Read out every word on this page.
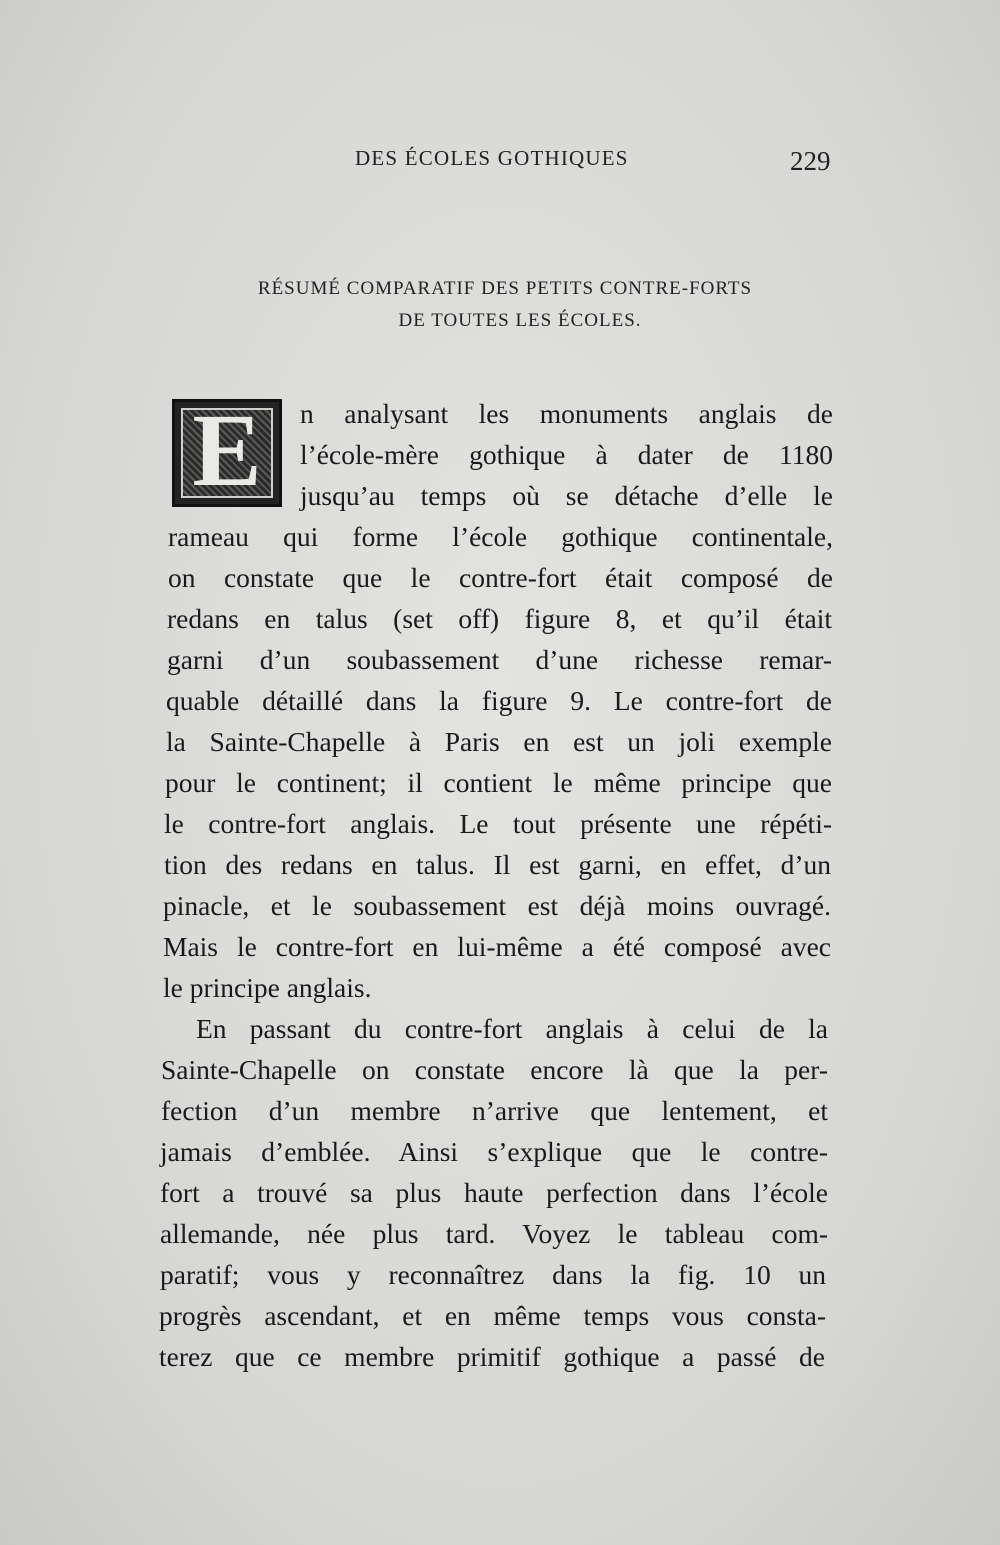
DES ÉCOLES GOTHIQUES	229
RÉSUMÉ COMPARATIF DES PETITS CONTRE-FORTS
DE TOUTES LES ÉCOLES.
E	n analysant les monuments anglais de
l’école-mère gothique à dater de 1180
jusqu’au temps où se détache d’elle le
rameau qui forme l’école gothique continentale,
on constate que le contre-fort était composé de
redans en talus (set off) figure 8, et qu’il était
garni d’un soubassement d’une richesse remar-
quable détaillé dans la figure 9. Le contre-fort de
la Sainte-Chapelle à Paris en est un joli exemple
pour le continent; il contient le même principe que
le contre-fort anglais. Le tout présente une répéti-
tion des redans en talus. Il est garni, en effet, d’un
pinacle, et le soubassement est déjà moins ouvragé.
Mais le contre-fort en lui-même a été composé avec
le principe anglais.
En passant du contre-fort anglais à celui de la
Sainte-Chapelle on constate encore là que la per-
fection d’un membre n’arrive que lentement, et
jamais d’emblée. Ainsi s’explique que le contre-
fort a trouvé sa plus haute perfection dans l’école
allemande, née plus tard. Voyez le tableau com-
paratif; vous y reconnaîtrez dans la fig. 10 un
progrès ascendant, et en même temps vous consta-
terez que ce membre primitif gothique a passé de
